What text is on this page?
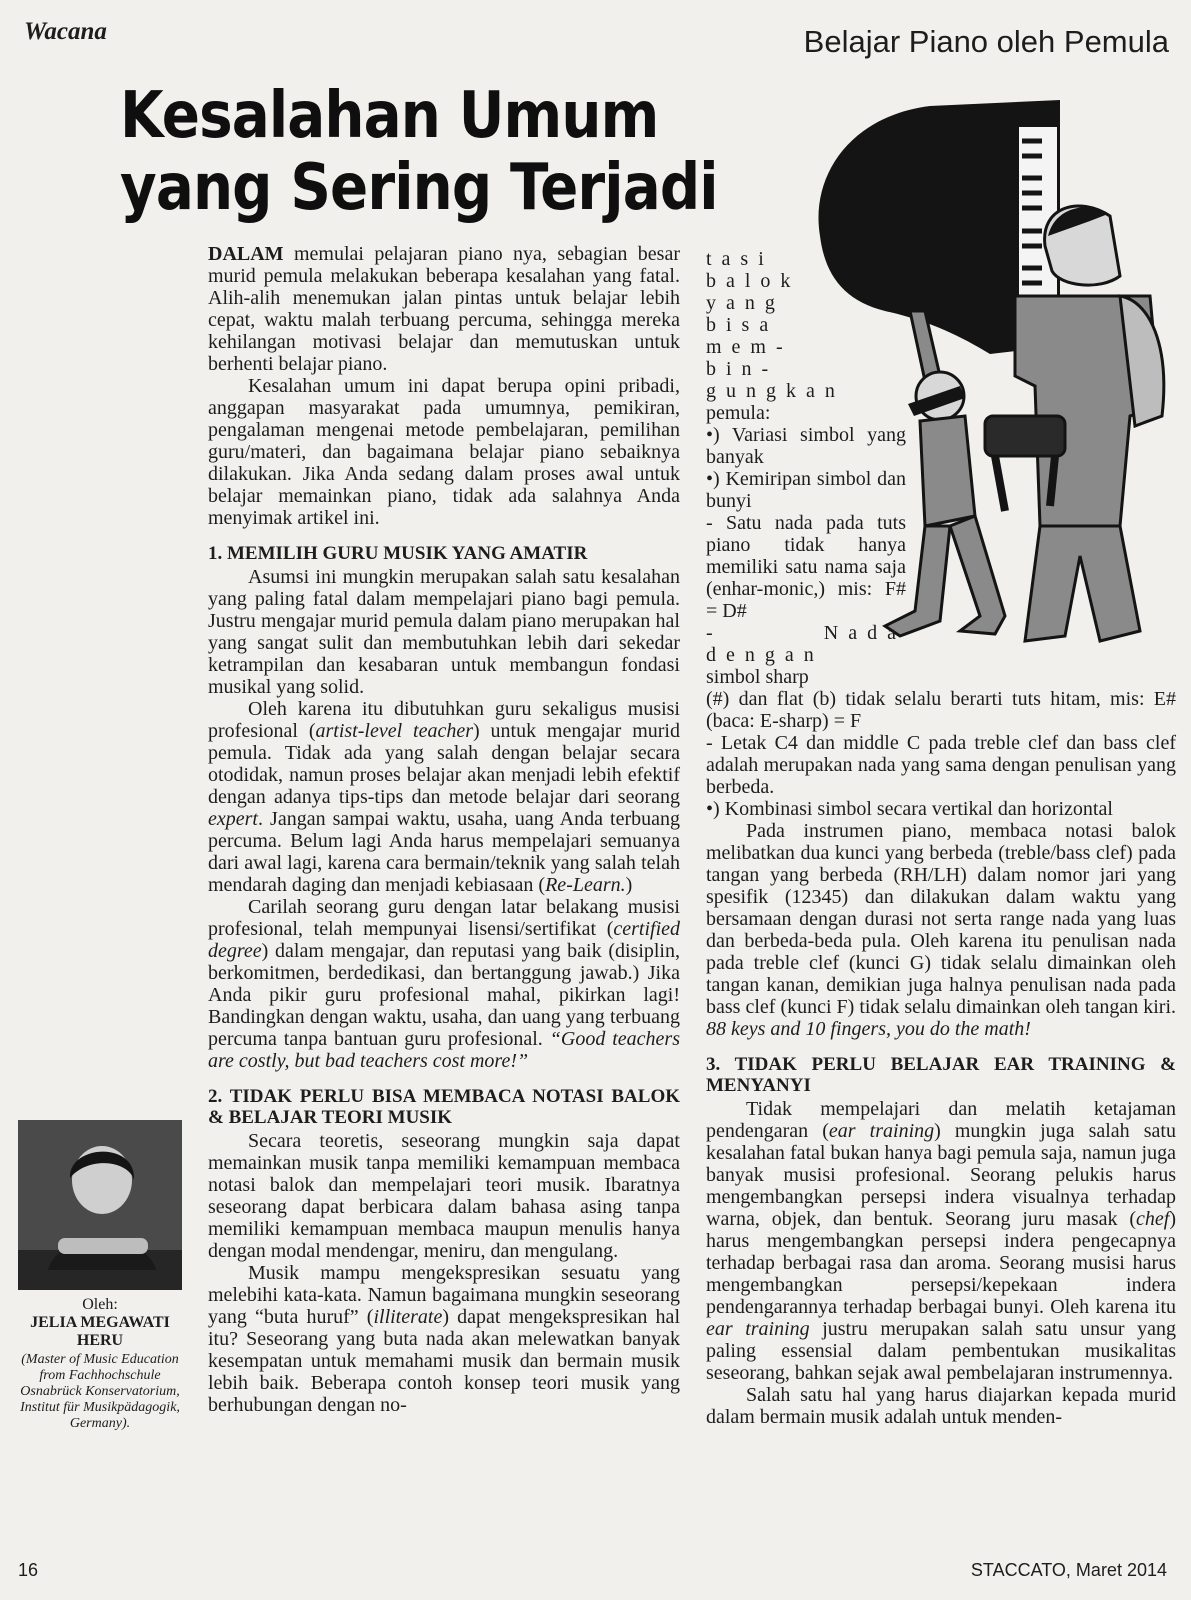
Wacana	Belajar Piano oleh Pemula
Kesalahan Umum
yang Sering Terjadi

DALAM memulai pelajaran piano nya, sebagian besar murid pemula melakukan beberapa kesalahan yang fatal. Alih-alih menemukan jalan pintas untuk belajar lebih cepat, waktu malah terbuang percuma, sehingga mereka kehilangan motivasi belajar dan memutuskan untuk berhenti belajar piano.

Kesalahan umum ini dapat berupa opini pribadi, anggapan masyarakat pada umumnya, pemikiran, pengalaman mengenai metode pembelajaran, pemilihan guru/materi, dan bagaimana belajar piano sebaiknya dilakukan. Jika Anda sedang dalam proses awal untuk belajar memainkan piano, tidak ada salahnya Anda menyimak artikel ini.

1. MEMILIH GURU MUSIK YANG AMATIR

Asumsi ini mungkin merupakan salah satu kesalahan yang paling fatal dalam mempelajari piano bagi pemula. Justru mengajar murid pemula dalam piano merupakan hal yang sangat sulit dan membutuhkan lebih dari sekedar ketrampilan dan kesabaran untuk membangun fondasi musikal yang solid.

Oleh karena itu dibutuhkan guru sekaligus musisi profesional (artist-level teacher) untuk mengajar murid pemula. Tidak ada yang salah dengan belajar secara otodidak, namun proses belajar akan menjadi lebih efektif dengan adanya tips-tips dan metode belajar dari seorang expert. Jangan sampai waktu, usaha, uang Anda terbuang percuma. Belum lagi Anda harus mempelajari semuanya dari awal lagi, karena cara bermain/teknik yang salah telah mendarah daging dan menjadi kebiasaan (Re-Learn.)

Carilah seorang guru dengan latar belakang musisi profesional, telah mempunyai lisensi/sertifikat (certified degree) dalam mengajar, dan reputasi yang baik (disiplin, berkomitmen, berdedikasi, dan bertanggung jawab.) Jika Anda pikir guru profesional mahal, pikirkan lagi! Bandingkan dengan waktu, usaha, dan uang yang terbuang percuma tanpa bantuan guru profesional. “Good teachers are costly, but bad teachers cost more!”

2. TIDAK PERLU BISA MEMBACA NOTASI BALOK & BELAJAR TEORI MUSIK

Secara teoretis, seseorang mungkin saja dapat memainkan musik tanpa memiliki kemampuan membaca notasi balok dan mempelajari teori musik. Ibaratnya seseorang dapat berbicara dalam bahasa asing tanpa memiliki kemampuan membaca maupun menulis hanya dengan modal mendengar, meniru, dan mengulang.

Musik mampu mengekspresikan sesuatu yang melebihi kata-kata. Namun bagaimana mungkin seseorang yang “buta huruf” (illiterate) dapat mengekspresikan hal itu? Seseorang yang buta nada akan melewatkan banyak kesempatan untuk memahami musik dan bermain musik lebih baik. Beberapa contoh konsep teori musik yang berhubungan dengan no-

tasi

balok

yang

bisa

mem-

bin-

gungkan

pemula:

•) Variasi simbol yang banyak

•) Kemiripan simbol dan bunyi

- Satu nada pada tuts piano tidak hanya memiliki satu nama saja (enhar-monic,) mis: F# = D#

- Nada dengan

simbol sharp

(#) dan flat (b) tidak selalu berarti tuts hitam, mis: E# (baca: E-sharp) = F

- Letak C4 dan middle C pada treble clef dan bass clef adalah merupakan nada yang sama dengan penulisan yang berbeda.

•) Kombinasi simbol secara vertikal dan horizontal

Pada instrumen piano, membaca notasi balok melibatkan dua kunci yang berbeda (treble/bass clef) pada tangan yang berbeda (RH/LH) dalam nomor jari yang spesifik (12345) dan dilakukan dalam waktu yang bersamaan dengan durasi not serta range nada yang luas dan berbeda-beda pula. Oleh karena itu penulisan nada pada treble clef (kunci G) tidak selalu dimainkan oleh tangan kanan, demikian juga halnya penulisan nada pada bass clef (kunci F) tidak selalu dimainkan oleh tangan kiri. 88 keys and 10 fingers, you do the math!

3. TIDAK PERLU BELAJAR EAR TRAINING & MENYANYI

Tidak mempelajari dan melatih ketajaman pendengaran (ear training) mungkin juga salah satu kesalahan fatal bukan hanya bagi pemula saja, namun juga banyak musisi profesional. Seorang pelukis harus mengembangkan persepsi indera visualnya terhadap warna, objek, dan bentuk. Seorang juru masak (chef) harus mengembangkan persepsi indera pengecapnya terhadap berbagai rasa dan aroma. Seorang musisi harus mengembangkan persepsi/kepekaan indera pendengarannya terhadap berbagai bunyi. Oleh karena itu ear training justru merupakan salah satu unsur yang paling essensial dalam pembentukan musikalitas seseorang, bahkan sejak awal pembelajaran instrumennya.

Salah satu hal yang harus diajarkan kepada murid dalam bermain musik adalah untuk menden-

Oleh:
JELIA MEGAWATI HERU
(Master of Music Education from Fachhochschule Osnabrück Konservatorium, Institut für Musikpädagogik, Germany).
16	STACCATO, Maret 2014
